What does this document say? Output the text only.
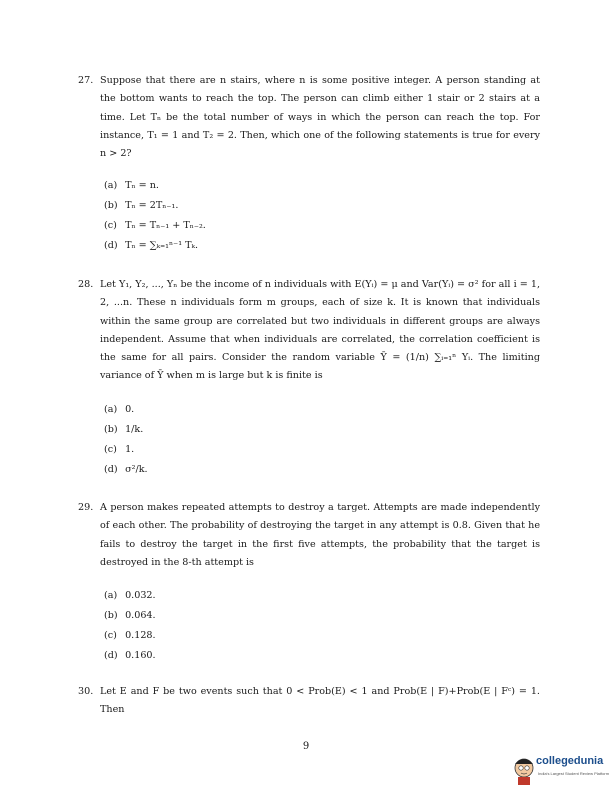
27. Suppose that there are n stairs, where n is some positive integer. A person standing at the bottom wants to reach the top. The person can climb either 1 stair or 2 stairs at a time. Let Tₙ be the total number of ways in which the person can reach the top. For instance, T₁ = 1 and T₂ = 2. Then, which one of the following statements is true for every n > 2?
(a) Tₙ = n.
(b) Tₙ = 2Tₙ₋₁.
(c) Tₙ = Tₙ₋₁ + Tₙ₋₂.
(d) Tₙ = ∑ₖ₌₁ⁿ⁻¹ Tₖ.
28. Let Y₁, Y₂, ..., Yₙ be the income of n individuals with E(Yᵢ) = μ and Var(Yᵢ) = σ² for all i = 1, 2, ...n. These n individuals form m groups, each of size k. It is known that individuals within the same group are correlated but two individuals in different groups are always independent. Assume that when individuals are correlated, the correlation coefficient is the same for all pairs. Consider the random variable Ȳ = (1/n) ∑ᵢ₌₁ⁿ Yᵢ. The limiting variance of Ȳ when m is large but k is finite is
(a) 0.
(b) 1/k.
(c) 1.
(d) σ²/k.
29. A person makes repeated attempts to destroy a target. Attempts are made independently of each other. The probability of destroying the target in any attempt is 0.8. Given that he fails to destroy the target in the first five attempts, the probability that the target is destroyed in the 8-th attempt is
(a) 0.032.
(b) 0.064.
(c) 0.128.
(d) 0.160.
30. Let E and F be two events such that 0 < Prob(E) < 1 and Prob(E | F)+Prob(E | Fᶜ) = 1. Then
9
collegedunia
India's Largest Student Review Platform
